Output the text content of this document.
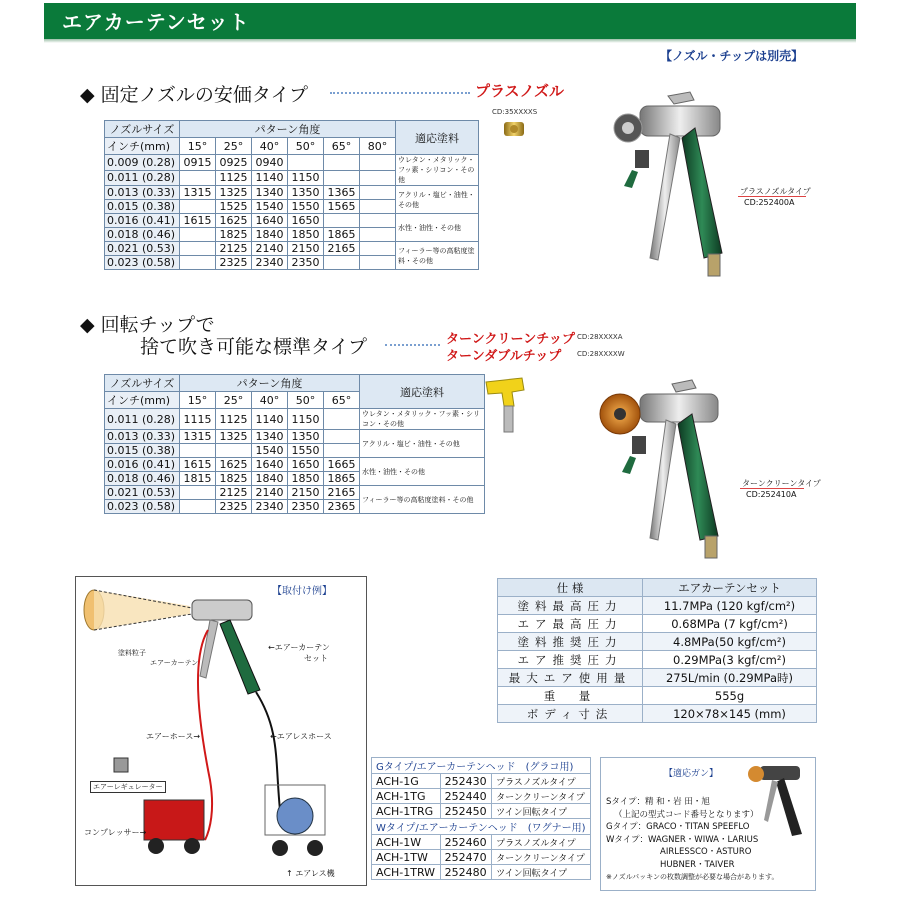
エアカーテンセット
【ノズル・チップは別売】
◆ 固定ノズルの安価タイプ	プラスノズル
CD:35XXXXS
ノズルサイズ	パターン角度						適応塗料
インチ(mm)	15°	25°	40°	50°	65°	80°	
0.009 (0.28)	0915	0925	0940				ウレタン・メタリック・フッ素・シリコン・その他
0.011 (0.28)		1125	1140	1150			
0.013 (0.33)	1315	1325	1340	1350	1365		アクリル・塩ビ・油性・その他
0.015 (0.38)		1525	1540	1550	1565		
0.016 (0.41)	1615	1625	1640	1650			水性・油性・その他
0.018 (0.46)		1825	1840	1850	1865		
0.021 (0.53)		2125	2140	2150	2165		フィーラー等の高粘度塗料・その他
0.023 (0.58)		2325	2340	2350			
プラスノズルタイプ
CD:252400A
◆ 回転チップで
捨て吹き可能な標準タイプ	ターンクリーンチップ CD:28XXXXA
ターンダブルチップ CD:28XXXXW
ノズルサイズ	パターン角度					適応塗料
インチ(mm)	15°	25°	40°	50°	65°	
0.011 (0.28)	1115	1125	1140	1150		ウレタン・メタリック・フッ素・シリコン・その他
0.013 (0.33)	1315	1325	1340	1350		アクリル・塩ビ・油性・その他
0.015 (0.38)			1540	1550		
0.016 (0.41)	1615	1625	1640	1650	1665	水性・油性・その他
0.018 (0.46)	1815	1825	1840	1850	1865	
0.021 (0.53)		2125	2140	2150	2165	フィーラー等の高粘度塗料・その他
0.023 (0.58)		2325	2340	2350	2365	
ターンクリーンタイプ
CD:252410A
【取付け例】
塗料粒子
エアーカーテン
←エアーカーテン
セット
エアーホース→	←エアレスホース
エアーレギュレーター
コンプレッサー→
↑ エアレス機
仕 様	エアカーテンセット
塗料最高圧力	11.7MPa (120 kgf/cm²)
エア最高圧力	0.68MPa (7 kgf/cm²)
塗料推奨圧力	4.8MPa(50 kgf/cm²)
エア推奨圧力	0.29MPa(3 kgf/cm²)
最大エア使用量	275L/min (0.29MPa時)
重　量	555g
ボディ寸法	120×78×145 (mm)
Gタイプ/エアーカーテンヘッド　(グラコ用)		
ACH-1G	252430	プラスノズルタイプ
ACH-1TG	252440	ターンクリーンタイプ
ACH-1TRG	252450	ツイン回転タイプ
Wタイプ/エアーカーテンヘッド　(ワグナー用)		
ACH-1W	252460	プラスノズルタイプ
ACH-1TW	252470	ターンクリーンタイプ
ACH-1TRW	252480	ツイン回転タイプ
【適応ガン】
Sタイプ：精 和・岩 田・旭
（上記の型式コード番号となります）
Gタイプ：GRACO・TITAN SPEEFLO
Wタイプ：WAGNER・WIWA・LARIUS
AIRLESSCO・ASTURO
HUBNER・TAIVER
※ノズルパッキンの枚数調整が必要な場合があります。
